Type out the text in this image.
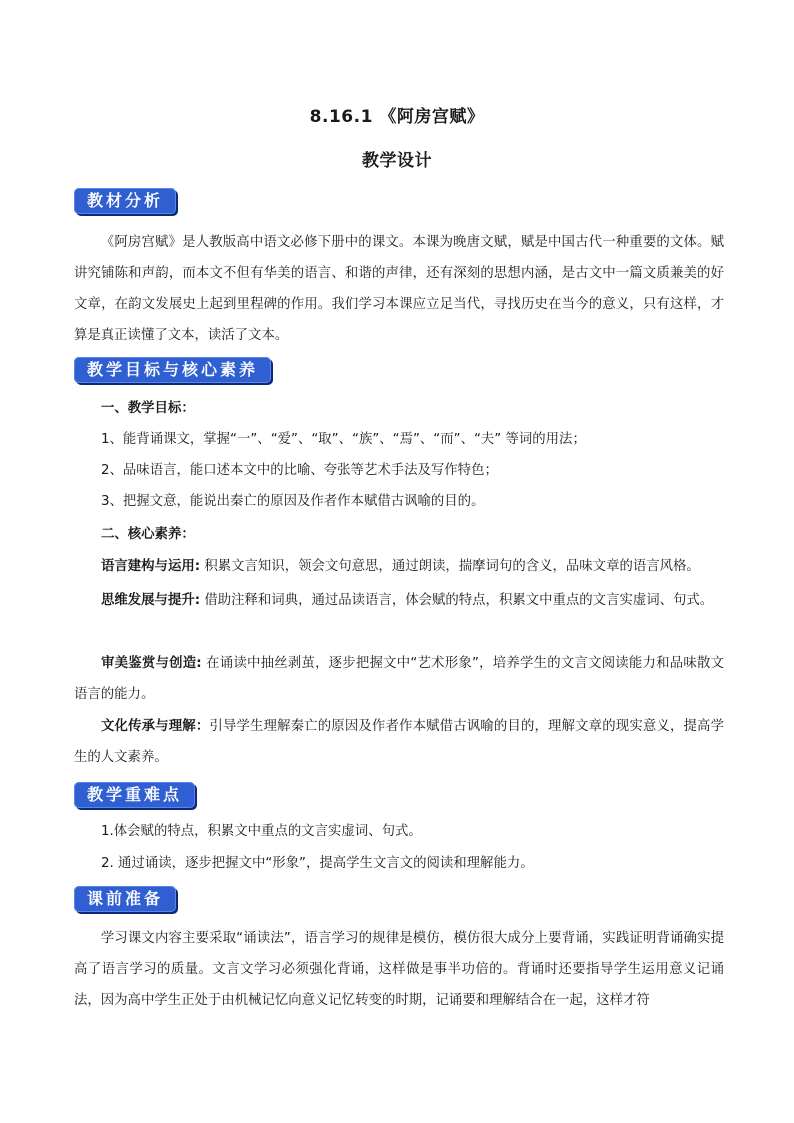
8.16.1 《阿房宫赋》
教学设计
教材分析

《阿房宫赋》是人教版高中语文必修下册中的课文。本课为晚唐文赋，赋是中国古代一种重要的文体。赋讲究铺陈和声韵，而本文不但有华美的语言、和谐的声律，还有深刻的思想内涵，是古文中一篇文质兼美的好文章，在韵文发展史上起到里程碑的作用。我们学习本课应立足当代，寻找历史在当今的意义，只有这样，才算是真正读懂了文本，读活了文本。

教学目标与核心素养

一、教学目标：

1、能背诵课文，掌握“一”、“爱”、“取”、“族”、“焉”、“而”、“夫” 等词的用法；

2、品味语言，能口述本文中的比喻、夸张等艺术手法及写作特色；

3、把握文意，能说出秦亡的原因及作者作本赋借古讽喻的目的。

二、核心素养：

语言建构与运用: 积累文言知识，领会文句意思，通过朗读，揣摩词句的含义，品味文章的语言风格。

思维发展与提升: 借助注释和词典，通过品读语言，体会赋的特点，积累文中重点的文言实虚词、句式。

审美鉴赏与创造: 在诵读中抽丝剥茧，逐步把握文中“艺术形象”，培养学生的文言文阅读能力和品味散文语言的能力。

文化传承与理解：引导学生理解秦亡的原因及作者作本赋借古讽喻的目的，理解文章的现实意义，提高学生的人文素养。

教学重难点

1.体会赋的特点，积累文中重点的文言实虚词、句式。

2. 通过诵读，逐步把握文中“形象”，提高学生文言文的阅读和理解能力。

课前准备

学习课文内容主要采取“诵读法”，语言学习的规律是模仿，模仿很大成分上要背诵，实践证明背诵确实提高了语言学习的质量。文言文学习必须强化背诵，这样做是事半功倍的。背诵时还要指导学生运用意义记诵法，因为高中学生正处于由机械记忆向意义记忆转变的时期，记诵要和理解结合在一起，这样才符
